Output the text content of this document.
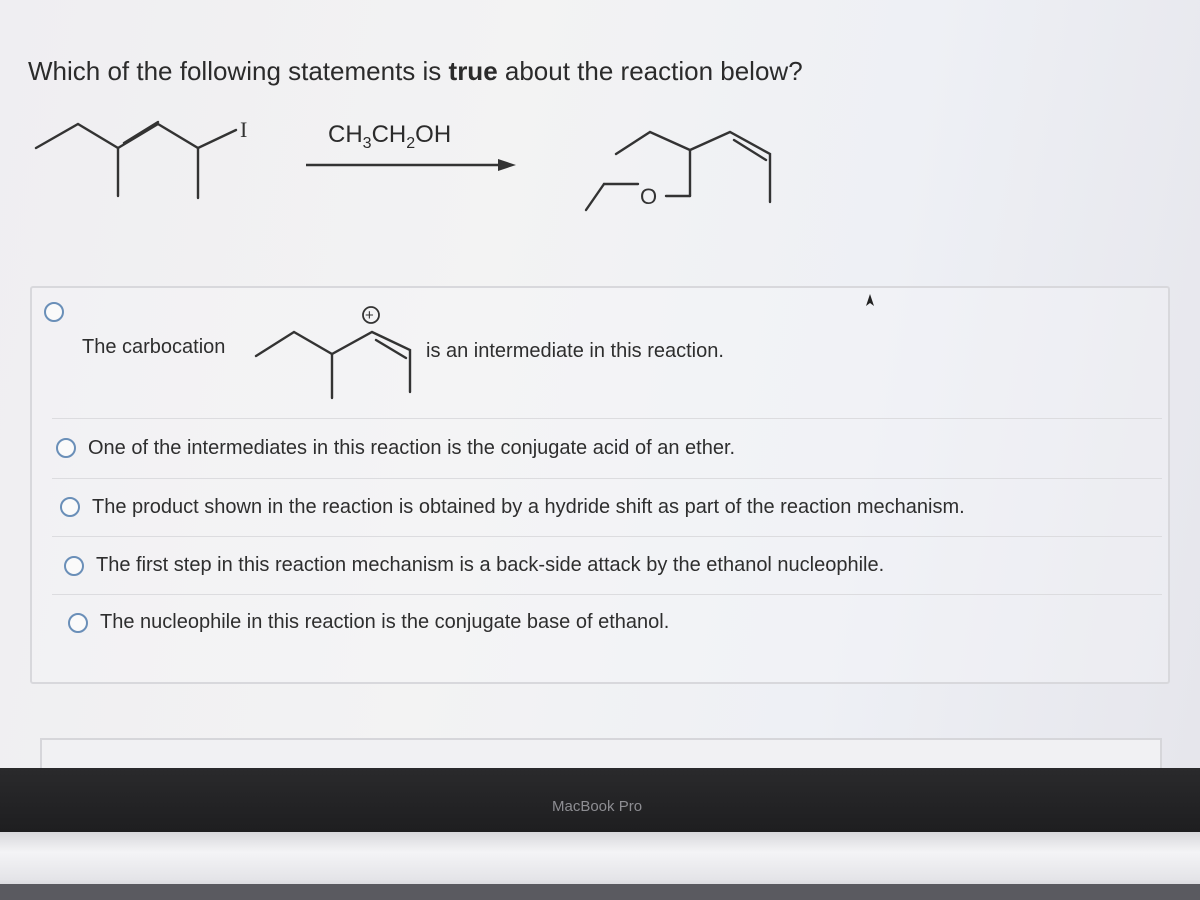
Which of the following statements is true about the reaction below?
I	$CH_3CH_2OH$
O
The carbocation
+
is an intermediate in this reaction.
One of the intermediates in this reaction is the conjugate acid of an ether.
The product shown in the reaction is obtained by a hydride shift as part of the reaction mechanism.
The first step in this reaction mechanism is a back-side attack by the ethanol nucleophile.
The nucleophile in this reaction is the conjugate base of ethanol.
MacBook Pro
